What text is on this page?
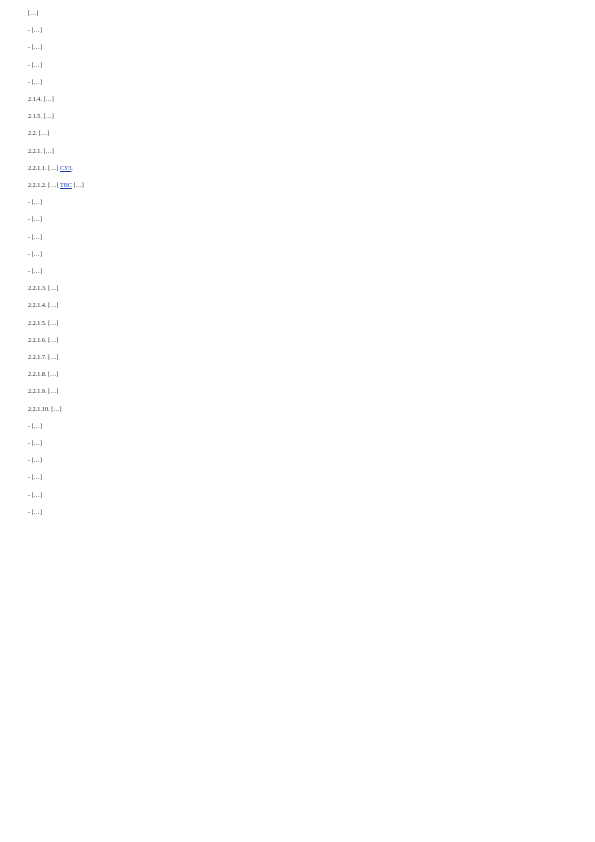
[…]

- […]

- […]

- […]

- […]

2.1.4. […]

2.1.5. […]

2.2. […]

2.2.1. […]

2.2.1.1. […] СУЗ.

2.2.1.2. […] ТВС […]

- […]

- […]

- […]

- […]

- […]

2.2.1.3. […]

2.2.1.4. […]

2.2.1.5. […]

2.2.1.6. […]

2.2.1.7. […]

2.2.1.8. […]

2.2.1.9. […]

2.2.1.10. […]

- […]

- […]

- […]

- […]

- […]

- […]
